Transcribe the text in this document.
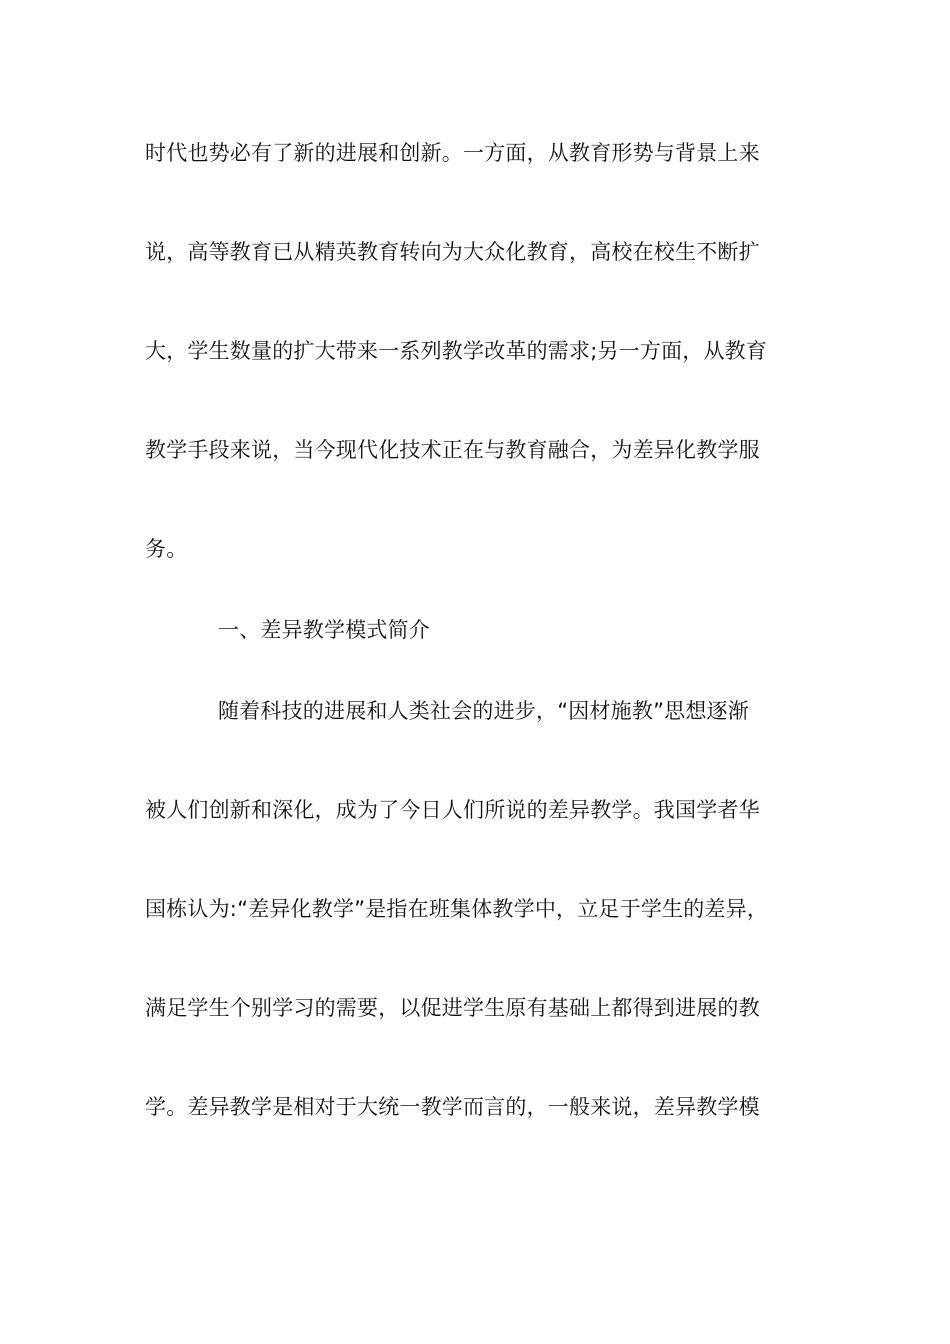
时代也势必有了新的进展和创新。一方面，从教育形势与背景上来
说，高等教育已从精英教育转向为大众化教育，高校在校生不断扩
大，学生数量的扩大带来一系列教学改革的需求;另一方面，从教育
教学手段来说，当今现代化技术正在与教育融合，为差异化教学服
务。
一、差异教学模式简介
随着科技的进展和人类社会的进步，“因材施教”思想逐渐
被人们创新和深化，成为了今日人们所说的差异教学。我国学者华
国栋认为:“差异化教学”是指在班集体教学中，立足于学生的差异，
满足学生个别学习的需要，以促进学生原有基础上都得到进展的教
学。差异教学是相对于大统一教学而言的，一般来说，差异教学模
